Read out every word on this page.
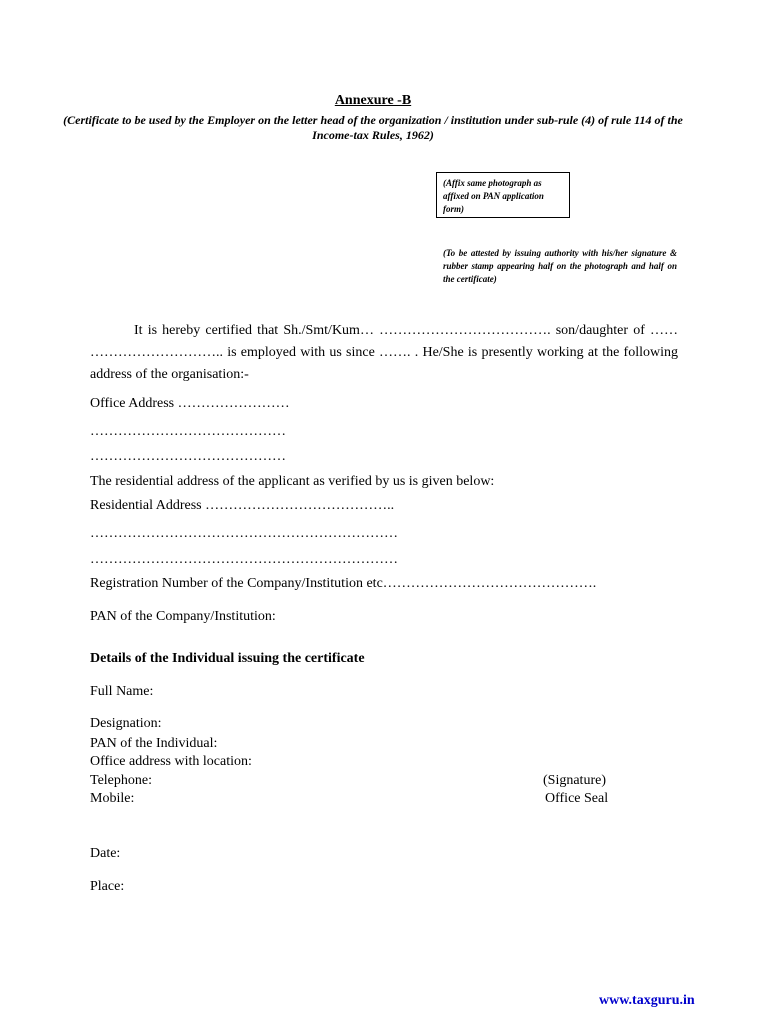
Annexure -B
(Certificate to be used by the Employer on the letter head of the organization / institution under sub-rule (4) of rule 114 of the Income-tax Rules, 1962)
(Affix same photograph as affixed on PAN application form)
(To be attested by issuing authority with his/her signature & rubber stamp appearing half on the photograph and half on the certificate)
It is hereby certified that Sh./Smt/Kum… ………………………………. son/daughter of …… ……………………….. is employed with us since ……. . He/She is presently working at the following address of the organisation:-
Office Address ……………………
……………………………………
……………………………………
The residential address of the applicant as verified by us is given below:
Residential Address …………………………………..
…………………………………………………………
…………………………………………………………
Registration Number of the Company/Institution etc……………………………………….
PAN of the Company/Institution:
Details of the Individual issuing the certificate
Full Name:
Designation:
PAN of the Individual:
Office address with location:
Telephone:
Mobile:
(Signature)
Office Seal
Date:
Place:
www.taxguru.in
